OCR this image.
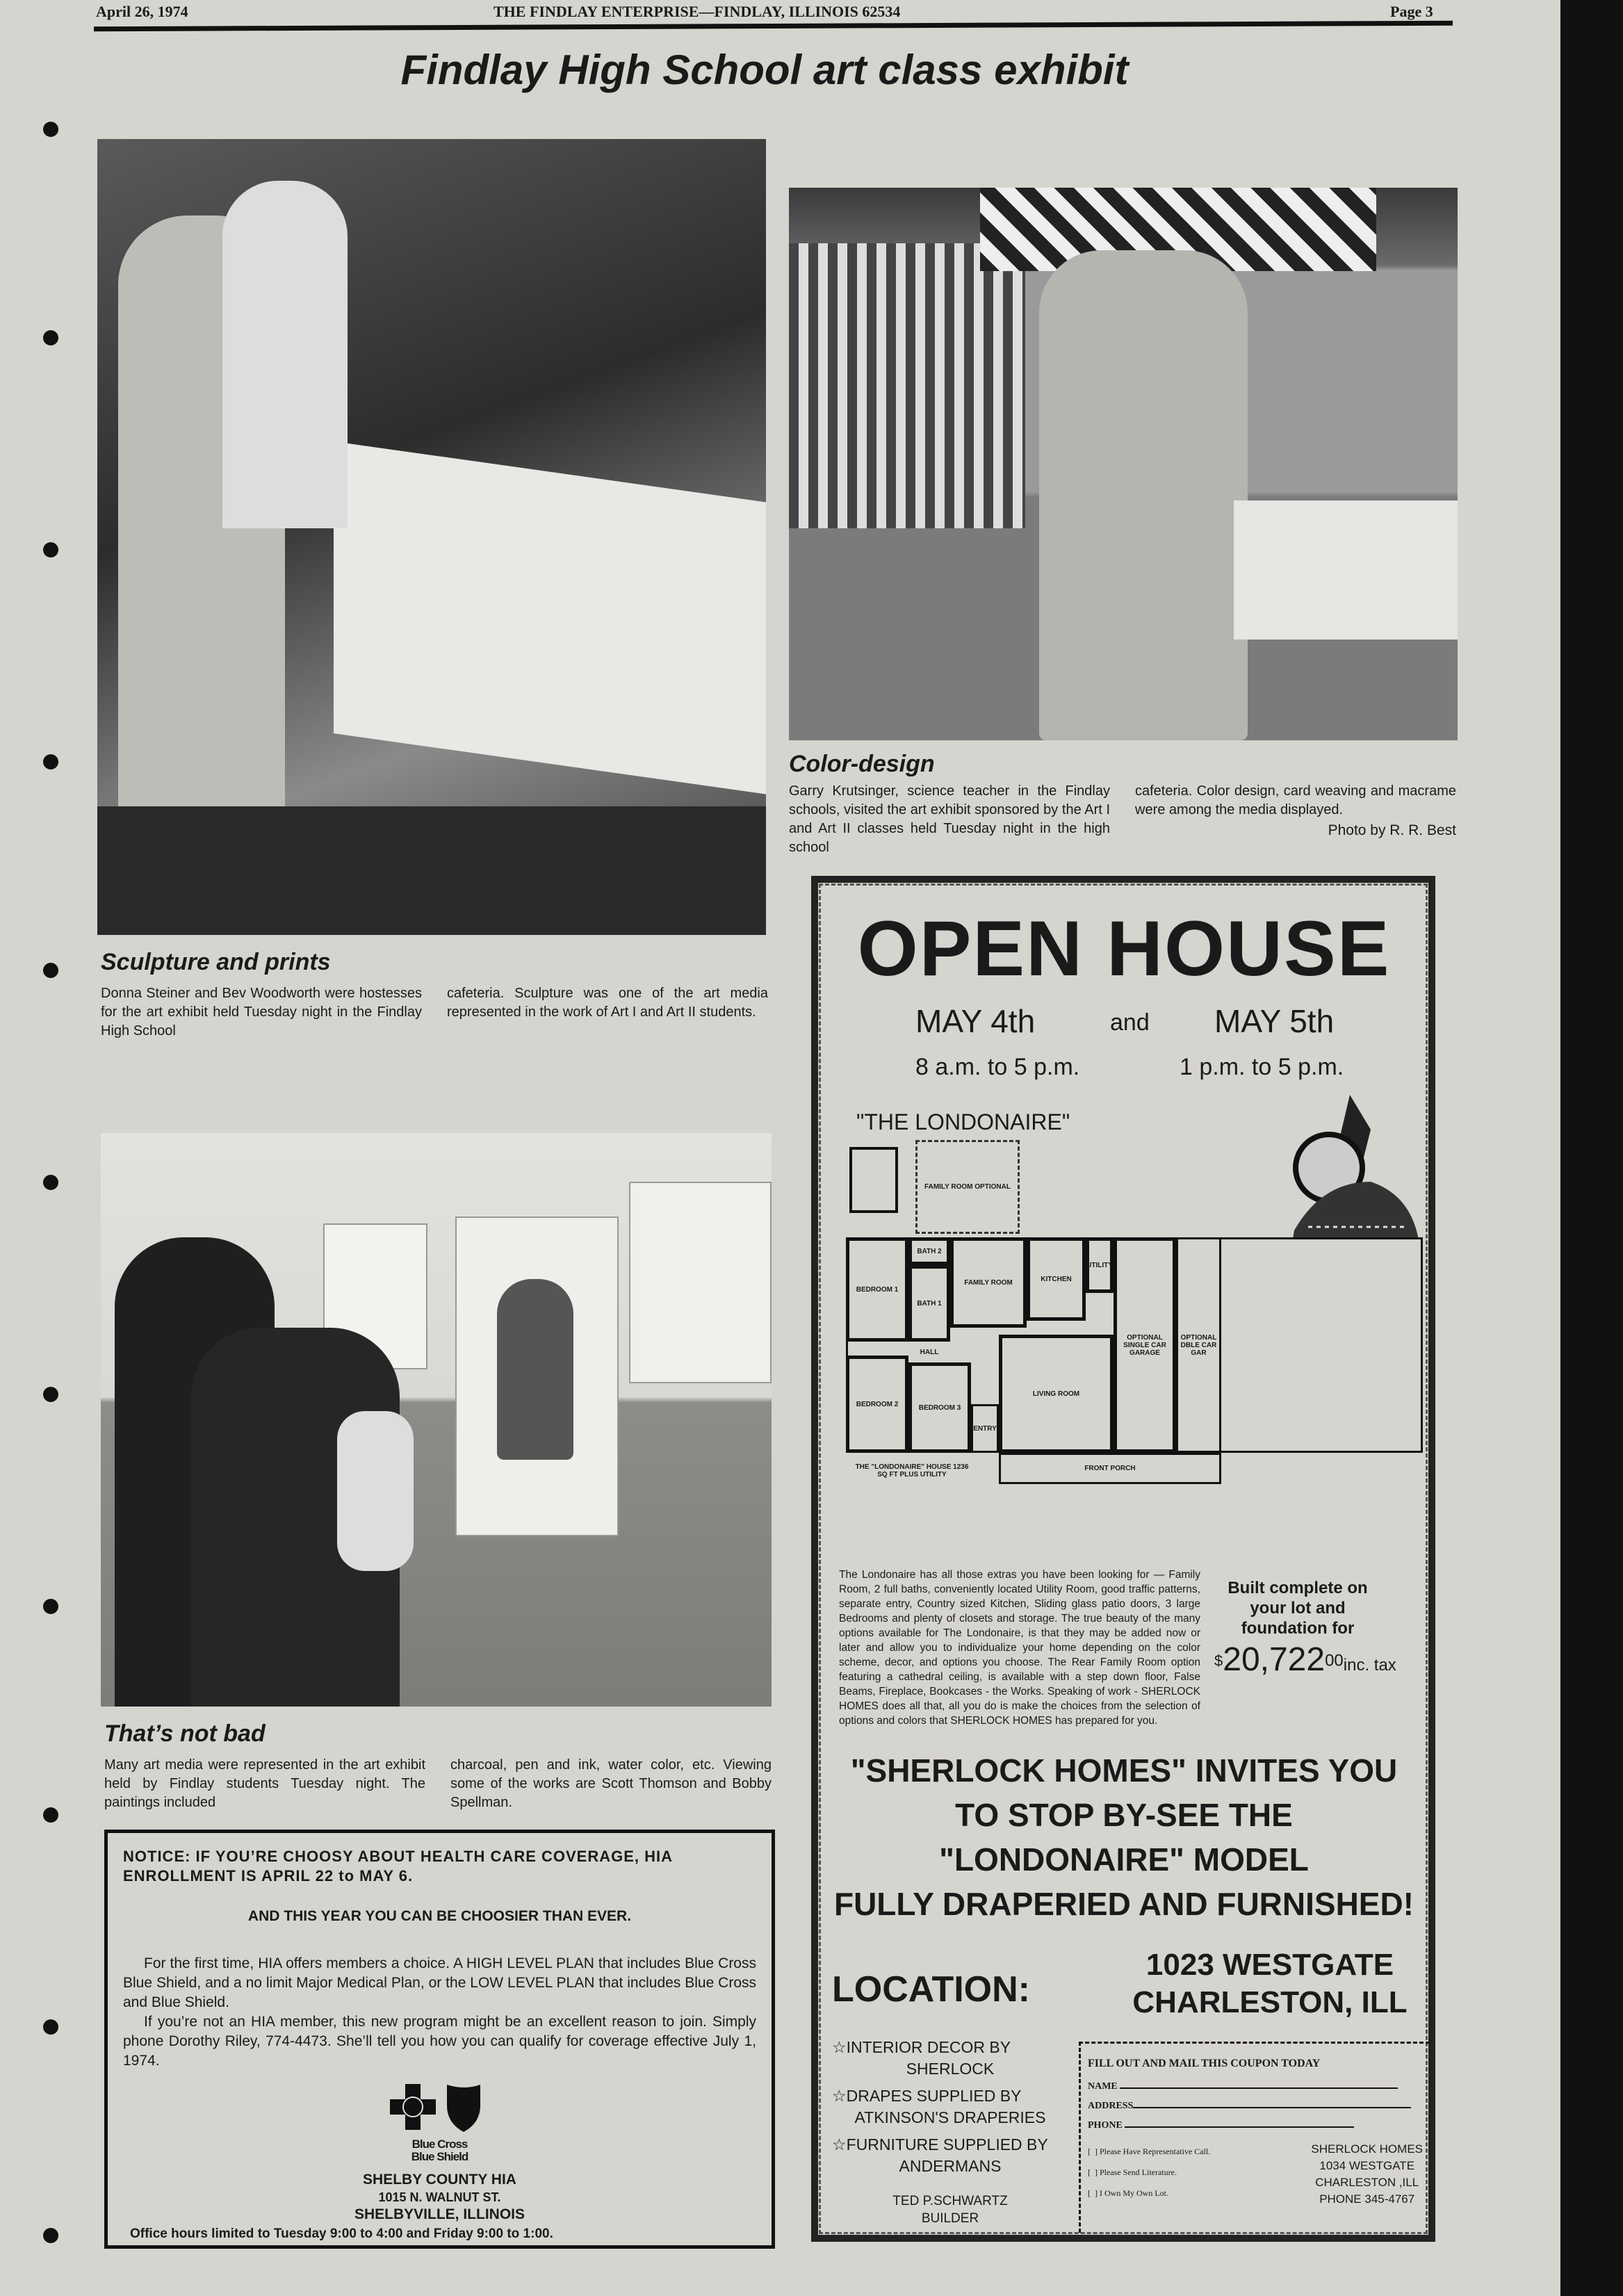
April 26, 1974	THE FINDLAY ENTERPRISE—FINDLAY, ILLINOIS 62534	Page 3
Findlay High School art class exhibit
Color-design

Garry Krutsinger, science teacher in the Findlay schools, visited the art exhibit sponsored by the Art I and Art II classes held Tuesday night in the high school

cafeteria. Color design, card weaving and macrame were among the media displayed.

Photo by R. R. Best

Sculpture and prints

Donna Steiner and Bev Woodworth were hostesses for the art exhibit held Tuesday night in the Findlay High School

cafeteria. Sculpture was one of the art media represented in the work of Art I and Art II students.

That’s not bad

Many art media were represented in the art exhibit held by Findlay students Tuesday night. The paintings included

charcoal, pen and ink, water color, etc. Viewing some of the works are Scott Thomson and Bobby Spellman.

NOTICE: IF YOU’RE CHOOSY ABOUT HEALTH CARE COVERAGE, HIA ENROLLMENT IS APRIL 22 to MAY 6.

AND THIS YEAR YOU CAN BE CHOOSIER THAN EVER.

For the first time, HIA offers members a choice. A HIGH LEVEL PLAN that includes Blue Cross Blue Shield, and a no limit Major Medical Plan, or the LOW LEVEL PLAN that includes Blue Cross and Blue Shield.

If you’re not an HIA member, this new program might be an excellent reason to join. Simply phone Dorothy Riley, 774-4473. She’ll tell you how you can qualify for coverage effective July 1, 1974.

Blue Cross
Blue Shield

SHELBY COUNTY HIA

1015 N. WALNUT ST.

SHELBYVILLE, ILLINOIS

Office hours limited to Tuesday 9:00 to 4:00 and Friday 9:00 to 1:00.

OPEN HOUSE
MAY 4th	and MAY 5th
8 a.m. to 5 p.m.	1 p.m. to 5 p.m.
"THE LONDONAIRE"
FAMILY ROOM OPTIONAL
BEDROOM 1
BATH 2
BATH 1
FAMILY ROOM	KITCHEN
UTILITY
HALL
BEDROOM 2	BEDROOM 3
ENTRY
LIVING ROOM
OPTIONAL SINGLE CAR GARAGE
OPTIONAL DBLE CAR GAR
FRONT PORCH
THE "LONDONAIRE" HOUSE 1236 SQ FT PLUS UTILITY
The Londonaire has all those extras you have been looking for — Family Room, 2 full baths, conveniently located Utility Room, good traffic patterns, separate entry, Country sized Kitchen, Sliding glass patio doors, 3 large Bedrooms and plenty of closets and storage. The true beauty of the many options available for The Londonaire, is that they may be added now or later and allow you to individualize your home depending on the color scheme, decor, and options you choose. The Rear Family Room option featuring a cathedral ceiling, is available with a step down floor, False Beams, Fireplace, Bookcases - the Works. Speaking of work - SHERLOCK HOMES does all that, all you do is make the choices from the selection of options and colors that SHERLOCK HOMES has prepared for you.
Built complete on your lot and foundation for
$20,722$^{00}$inc. tax
"SHERLOCK HOMES" INVITES YOU
TO STOP BY-SEE THE
"LONDONAIRE" MODEL
FULLY DRAPERIED AND FURNISHED!
LOCATION:
1023 WESTGATE
CHARLESTON, ILL
☆INTERIOR DECOR BY
SHERLOCK
☆DRAPES SUPPLIED BY
ATKINSON'S DRAPERIES
☆FURNITURE SUPPLIED BY
ANDERMANS
TED P.SCHWARTZ
BUILDER
FILL OUT AND MAIL THIS COUPON TODAY
NAME
ADDRESS
PHONE
[  ] Please Have Representative Call.
[  ] Please Send Literature.
[  ] I Own My Own Lot.
SHERLOCK HOMES
1034 WESTGATE
CHARLESTON ,ILL
PHONE 345-4767
